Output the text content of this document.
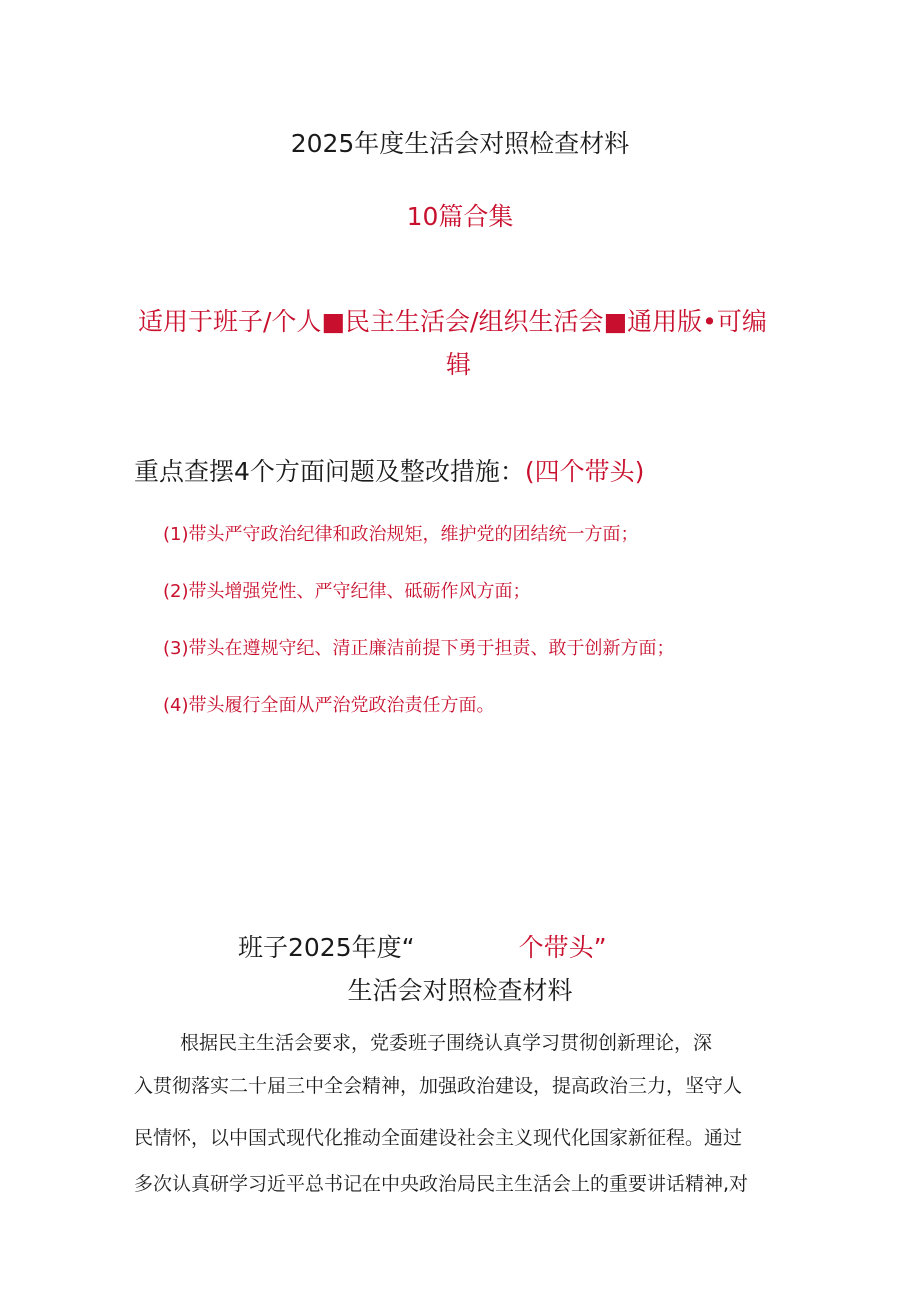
2025年度生活会对照检查材料

10篇合集

适用于班子/个人■民主生活会/组织生活会■通用版•可编

辑

重点查摆4个方面问题及整改措施：(四个带头)

(1)带头严守政治纪律和政治规矩，维护党的团结统一方面；

(2)带头增强党性、严守纪律、砥砺作风方面；

(3)带头在遵规守纪、清正廉洁前提下勇于担责、敢于创新方面；

(4)带头履行全面从严治党政治责任方面。

班子2025年度“	个带头”

生活会对照检查材料

根据民主生活会要求，党委班子围绕认真学习贯彻创新理论，深

入贯彻落实二十届三中全会精神，加强政治建设，提高政治三力，坚守人

民情怀，以中国式现代化推动全面建设社会主义现代化国家新征程。通过

多次认真研学习近平总书记在中央政治局民主生活会上的重要讲话精神,对
